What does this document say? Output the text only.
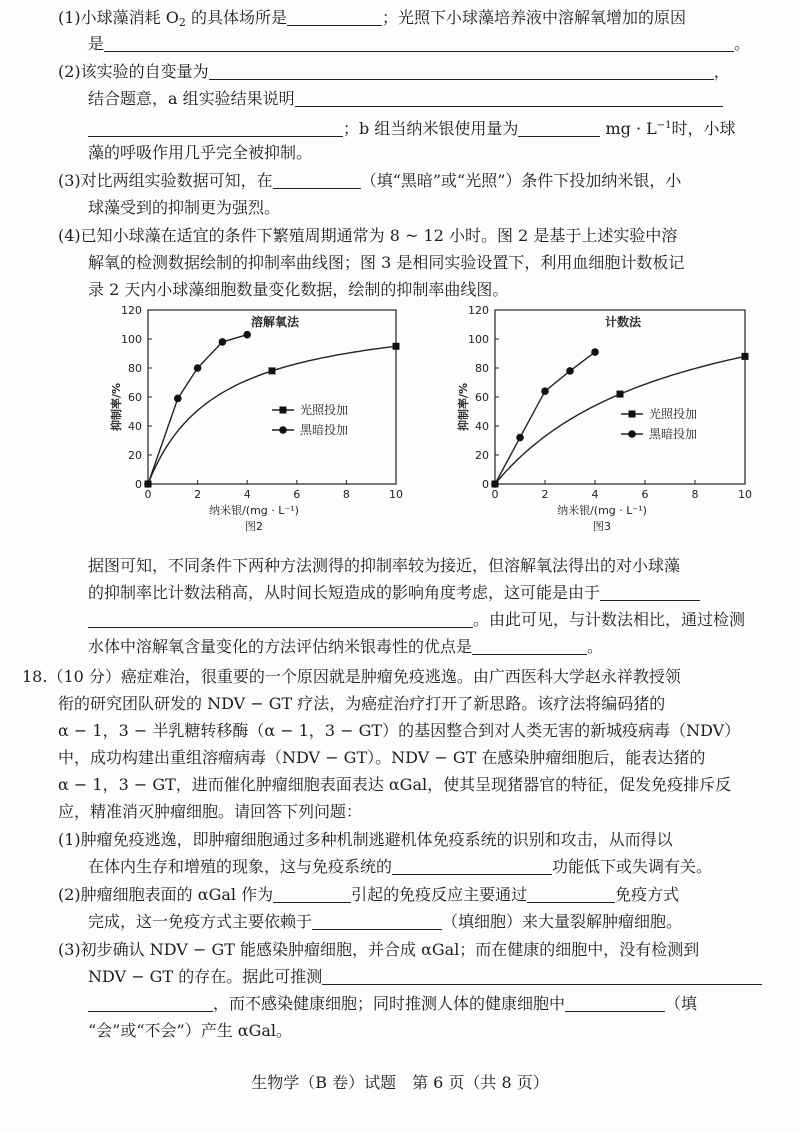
(1)小球藻消耗 $O_2$ 的具体场所是	；光照下小球藻培养液中溶解氧增加的原因
是	。
(2)该实验的自变量为	，
结合题意，a 组实验结果说明
；b 组当纳米银使用量为	mg · $L^{-1}$时，小球
藻的呼吸作用几乎完全被抑制。
(3)对比两组实验数据可知，在	（填“黑暗”或“光照”）条件下投加纳米银，小
球藻受到的抑制更为强烈。
(4)已知小球藻在适宜的条件下繁殖周期通常为 8 ~ 12 小时。图 2 是基于上述实验中溶
解氧的检测数据绘制的抑制率曲线图；图 3 是相同实验设置下，利用血细胞计数板记
录 2 天内小球藻细胞数量变化数据，绘制的抑制率曲线图。
0
20
40
60
80
100
120
0	2	4	6	8	10
抑制率/%
纳米银/(mg · L⁻¹)
图2
溶解氧法
光照投加
黑暗投加
0
20
40
60
80
100
120
0	2	4	6	8	10
抑制率/%
纳米银/(mg · L⁻¹)
图3
计数法
光照投加
黑暗投加
据图可知，不同条件下两种方法测得的抑制率较为接近，但溶解氧法得出的对小球藻
的抑制率比计数法稍高，从时间长短造成的影响角度考虑，这可能是由于
。由此可见，与计数法相比，通过检测
水体中溶解氧含量变化的方法评估纳米银毒性的优点是	。
18.（10 分）癌症难治，很重要的一个原因就是肿瘤免疫逃逸。由广西医科大学赵永祥教授领
衔的研究团队研发的 NDV − GT 疗法，为癌症治疗打开了新思路。该疗法将编码猪的
α − 1，3 − 半乳糖转移酶（α − 1，3 − GT）的基因整合到对人类无害的新城疫病毒（NDV）
中，成功构建出重组溶瘤病毒（NDV − GT）。NDV − GT 在感染肿瘤细胞后，能表达猪的
α − 1，3 − GT，进而催化肿瘤细胞表面表达 αGal，使其呈现猪器官的特征，促发免疫排斥反
应，精准消灭肿瘤细胞。请回答下列问题：
(1)肿瘤免疫逃逸，即肿瘤细胞通过多种机制逃避机体免疫系统的识别和攻击，从而得以
在体内生存和增殖的现象，这与免疫系统的	功能低下或失调有关。
(2)肿瘤细胞表面的 αGal 作为	引起的免疫反应主要通过	免疫方式
完成，这一免疫方式主要依赖于	（填细胞）来大量裂解肿瘤细胞。
(3)初步确认 NDV − GT 能感染肿瘤细胞，并合成 αGal；而在健康的细胞中，没有检测到
NDV − GT 的存在。据此可推测
，而不感染健康细胞；同时推测人体的健康细胞中	（填
“会”或“不会”）产生 αGal。
生物学（B 卷）试题　第 6 页（共 8 页）
